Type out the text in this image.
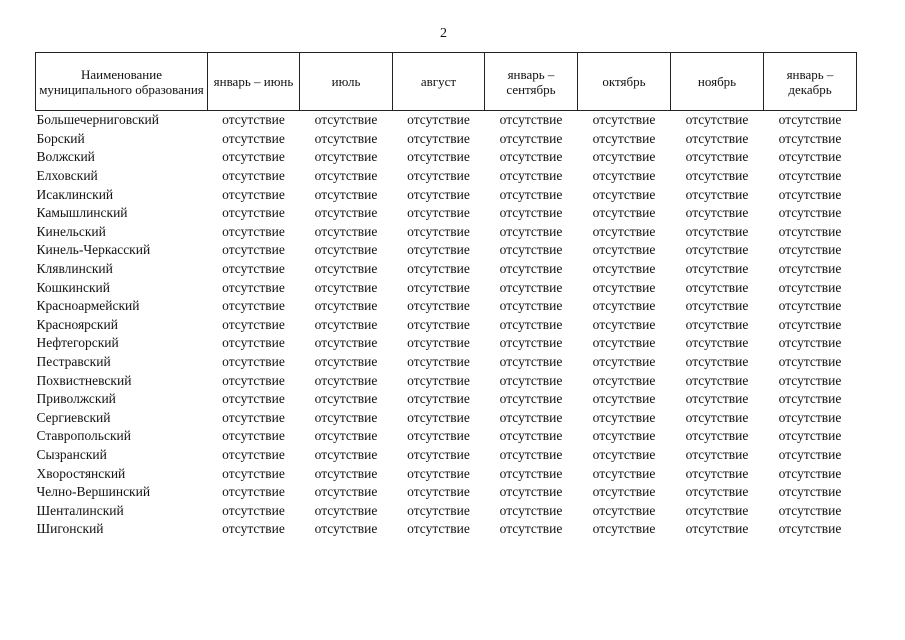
2
Наименование муниципального образования	январь – июнь	июль	август	январь – сентябрь	октябрь	ноябрь	январь – декабрь
Большечерниговский	отсутствие	отсутствие	отсутствие	отсутствие	отсутствие	отсутствие	отсутствие
Борский	отсутствие	отсутствие	отсутствие	отсутствие	отсутствие	отсутствие	отсутствие
Волжский	отсутствие	отсутствие	отсутствие	отсутствие	отсутствие	отсутствие	отсутствие
Елховский	отсутствие	отсутствие	отсутствие	отсутствие	отсутствие	отсутствие	отсутствие
Исаклинский	отсутствие	отсутствие	отсутствие	отсутствие	отсутствие	отсутствие	отсутствие
Камышлинский	отсутствие	отсутствие	отсутствие	отсутствие	отсутствие	отсутствие	отсутствие
Кинельский	отсутствие	отсутствие	отсутствие	отсутствие	отсутствие	отсутствие	отсутствие
Кинель-Черкасский	отсутствие	отсутствие	отсутствие	отсутствие	отсутствие	отсутствие	отсутствие
Клявлинский	отсутствие	отсутствие	отсутствие	отсутствие	отсутствие	отсутствие	отсутствие
Кошкинский	отсутствие	отсутствие	отсутствие	отсутствие	отсутствие	отсутствие	отсутствие
Красноармейский	отсутствие	отсутствие	отсутствие	отсутствие	отсутствие	отсутствие	отсутствие
Красноярский	отсутствие	отсутствие	отсутствие	отсутствие	отсутствие	отсутствие	отсутствие
Нефтегорский	отсутствие	отсутствие	отсутствие	отсутствие	отсутствие	отсутствие	отсутствие
Пестравский	отсутствие	отсутствие	отсутствие	отсутствие	отсутствие	отсутствие	отсутствие
Похвистневский	отсутствие	отсутствие	отсутствие	отсутствие	отсутствие	отсутствие	отсутствие
Приволжский	отсутствие	отсутствие	отсутствие	отсутствие	отсутствие	отсутствие	отсутствие
Сергиевский	отсутствие	отсутствие	отсутствие	отсутствие	отсутствие	отсутствие	отсутствие
Ставропольский	отсутствие	отсутствие	отсутствие	отсутствие	отсутствие	отсутствие	отсутствие
Сызранский	отсутствие	отсутствие	отсутствие	отсутствие	отсутствие	отсутствие	отсутствие
Хворостянский	отсутствие	отсутствие	отсутствие	отсутствие	отсутствие	отсутствие	отсутствие
Челно-Вершинский	отсутствие	отсутствие	отсутствие	отсутствие	отсутствие	отсутствие	отсутствие
Шенталинский	отсутствие	отсутствие	отсутствие	отсутствие	отсутствие	отсутствие	отсутствие
Шигонский	отсутствие	отсутствие	отсутствие	отсутствие	отсутствие	отсутствие	отсутствие
